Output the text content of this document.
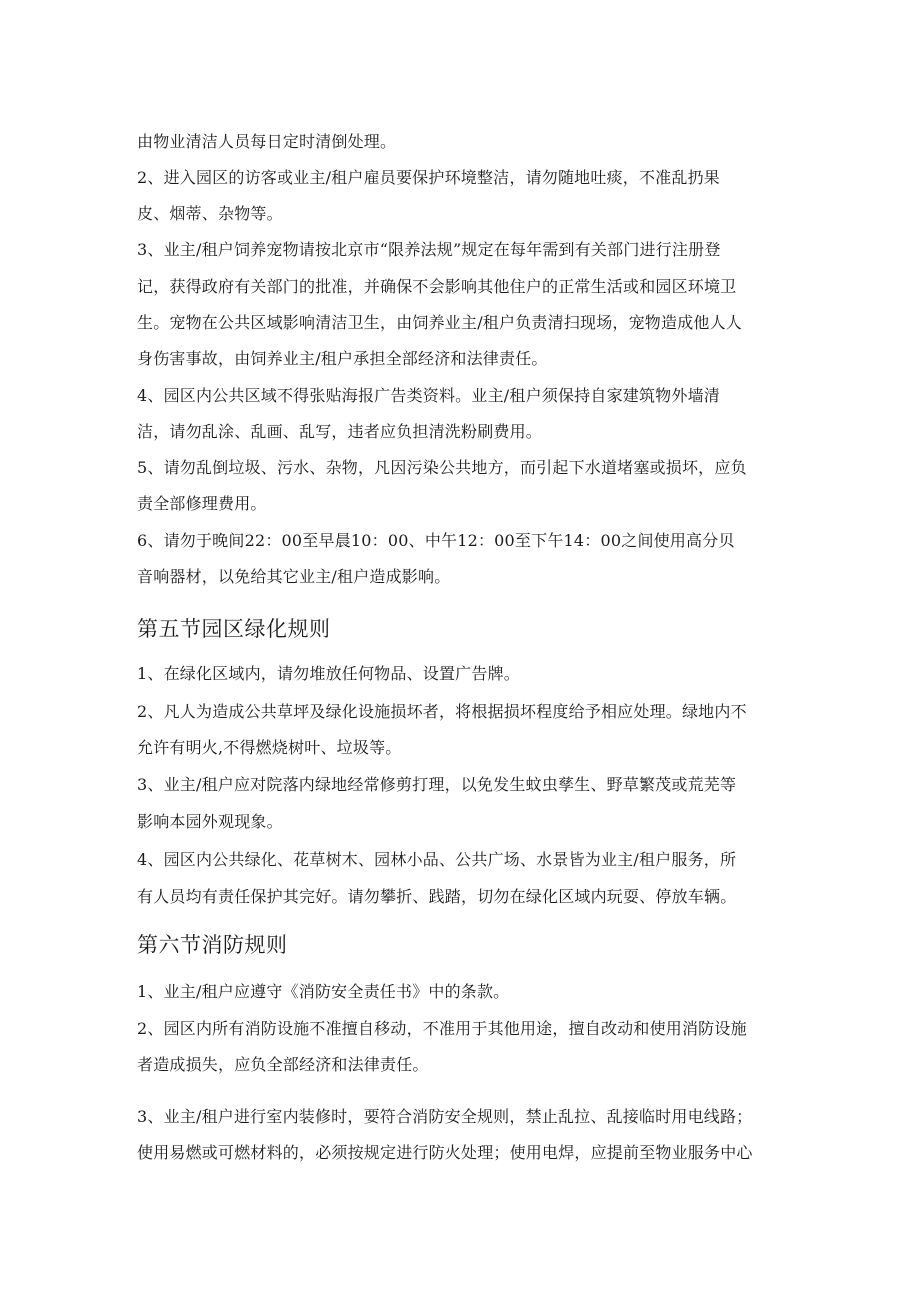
由物业清洁人员每日定时清倒处理。
2、进入园区的访客或业主/租户雇员要保护环境整洁，请勿随地吐痰，不准乱扔果
皮、烟蒂、杂物等。
3、业主/租户饲养宠物请按北京市“限养法规”规定在每年需到有关部门进行注册登
记，获得政府有关部门的批准，并确保不会影响其他住户的正常生活或和园区环境卫
生。宠物在公共区域影响清洁卫生，由饲养业主/租户负责清扫现场，宠物造成他人人
身伤害事故，由饲养业主/租户承担全部经济和法律责任。
4、园区内公共区域不得张贴海报广告类资料。业主/租户须保持自家建筑物外墙清
洁，请勿乱涂、乱画、乱写，违者应负担清洗粉刷费用。
5、请勿乱倒垃圾、污水、杂物，凡因污染公共地方，而引起下水道堵塞或损坏，应负
责全部修理费用。
6、请勿于晚间22：00至早晨10：00、中午12：00至下午14：00之间使用高分贝
音响器材，以免给其它业主/租户造成影响。
第五节园区绿化规则
1、在绿化区域内，请勿堆放任何物品、设置广告牌。
2、凡人为造成公共草坪及绿化设施损坏者，将根据损坏程度给予相应处理。绿地内不
允许有明火,不得燃烧树叶、垃圾等。
3、业主/租户应对院落内绿地经常修剪打理，以免发生蚊虫孳生、野草繁茂或荒芜等
影响本园外观现象。
4、园区内公共绿化、花草树木、园林小品、公共广场、水景皆为业主/租户服务，所
有人员均有责任保护其完好。请勿攀折、践踏，切勿在绿化区域内玩耍、停放车辆。
第六节消防规则
1、业主/租户应遵守《消防安全责任书》中的条款。
2、园区内所有消防设施不准擅自移动，不准用于其他用途，擅自改动和使用消防设施
者造成损失，应负全部经济和法律责任。
3、业主/租户进行室内装修时，要符合消防安全规则，禁止乱拉、乱接临时用电线路；
使用易燃或可燃材料的，必须按规定进行防火处理；使用电焊，应提前至物业服务中心
